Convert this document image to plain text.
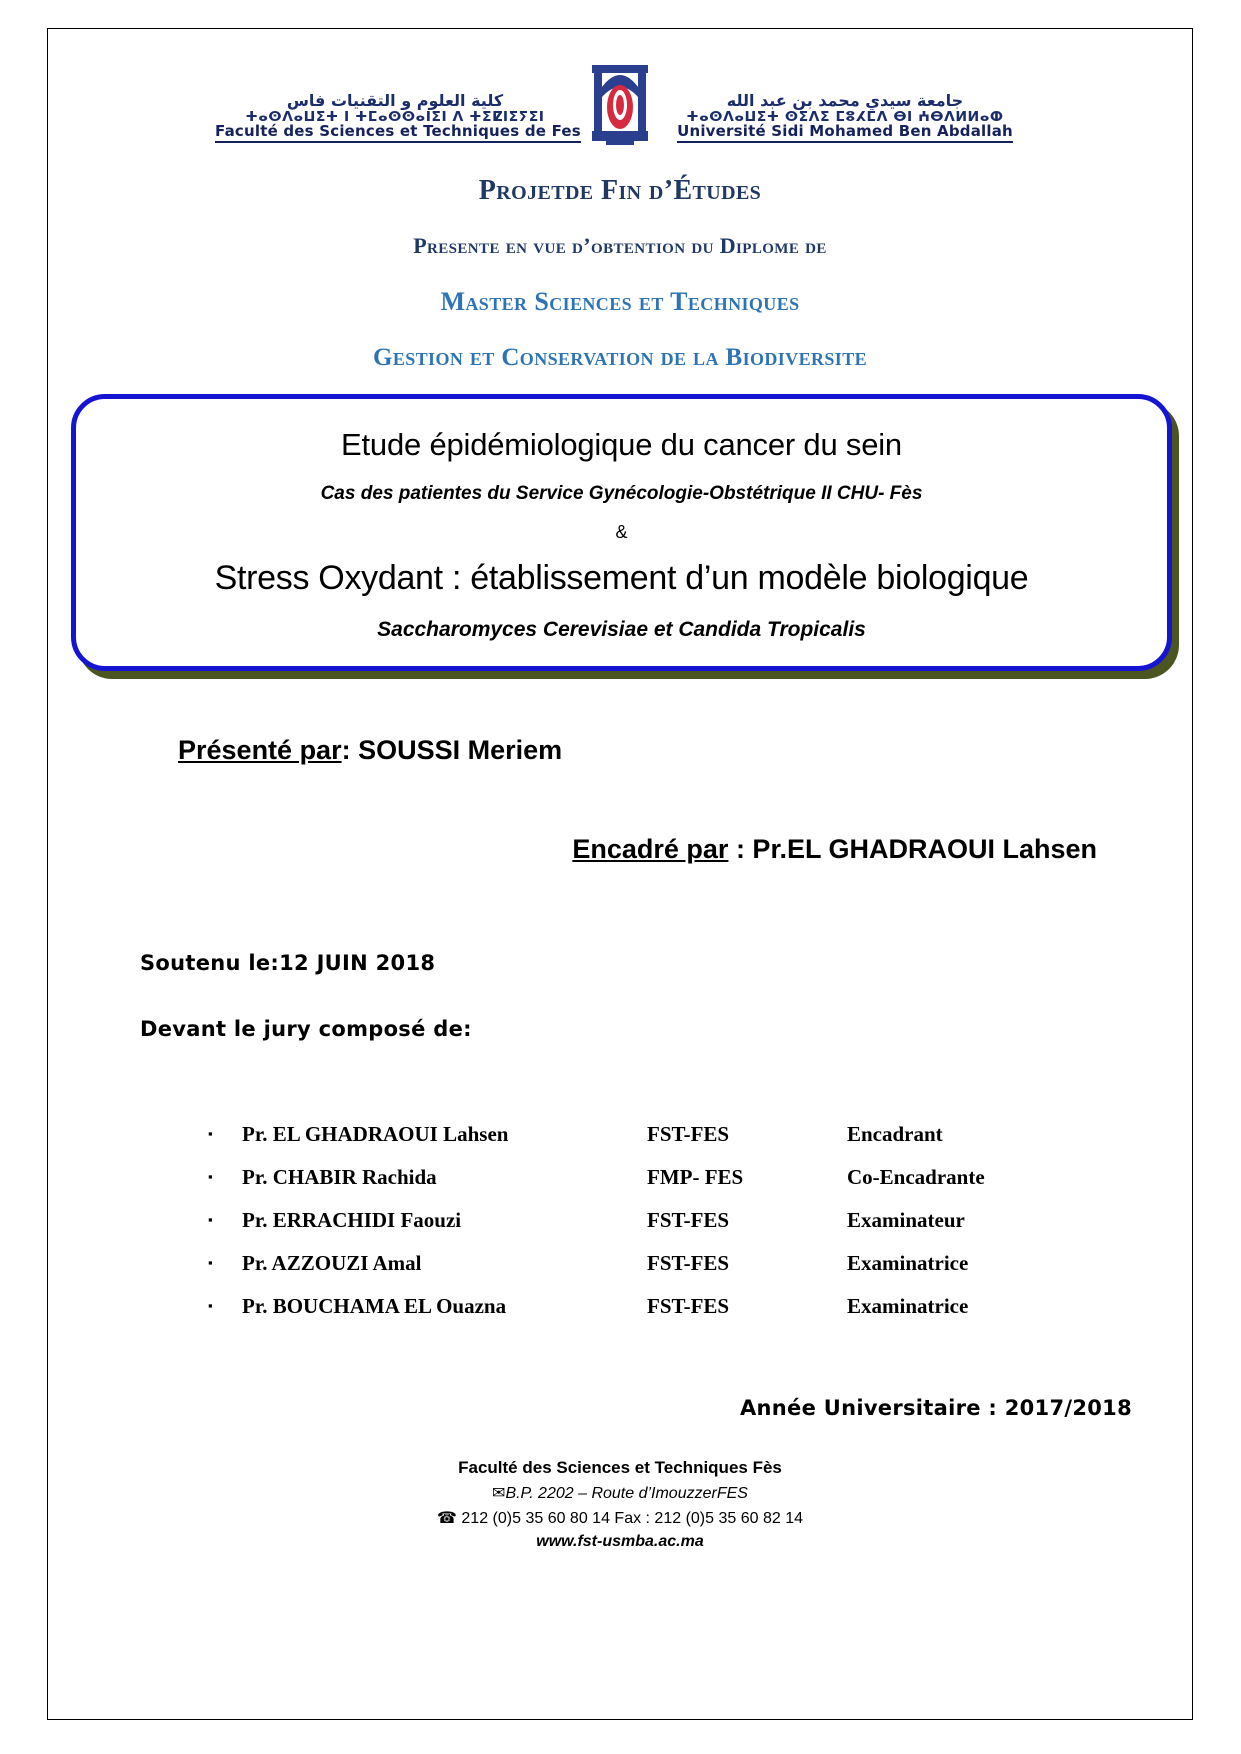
كلية العلوم و التقنيات فاس
ⵜⴰⵙⴷⴰⵡⵉⵜ ⵏ ⵜⵎⴰⵙⵙⴰⵏⵉⵏ ⴷ ⵜⵉⵇⵏⵉⵢⵉⵏ
Faculté des Sciences et Techniques de Fes
جامعة سيدي محمد بن عبد الله
ⵜⴰⵙⴷⴰⵡⵉⵜ ⵙⵉⴷⵉ ⵎⵓⵃⵎⴷ ⴱⵏ ⵄⴱⴷⵍⵍⴰⵀ
Université Sidi Mohamed Ben Abdallah
Projetde Fin d’Études
Presente en vue d’obtention du Diplome de
Master Sciences et Techniques
Gestion et Conservation de la Biodiversite
Etude épidémiologique du cancer du sein
Cas des patientes du Service Gynécologie-Obstétrique II CHU- Fès
&
Stress Oxydant : établissement d’un modèle biologique
Saccharomyces Cerevisiae et Candida Tropicalis
Présenté par: SOUSSI Meriem
Encadré par : Pr.EL GHADRAOUI Lahsen
Soutenu le:12 JUIN 2018
Devant le jury composé de:
▪	Pr. EL GHADRAOUI Lahsen	FST-FES	Encadrant
▪	Pr. CHABIR Rachida	FMP- FES	Co-Encadrante
▪	Pr. ERRACHIDI Faouzi	FST-FES	Examinateur
▪	Pr. AZZOUZI Amal	FST-FES	Examinatrice
▪	Pr. BOUCHAMA EL Ouazna	FST-FES	Examinatrice
Année Universitaire : 2017/2018
Faculté des Sciences et Techniques Fès
✉B.P. 2202 – Route d’ImouzzerFES
☎ 212 (0)5 35 60 80 14 Fax : 212 (0)5 35 60 82 14
www.fst-usmba.ac.ma
